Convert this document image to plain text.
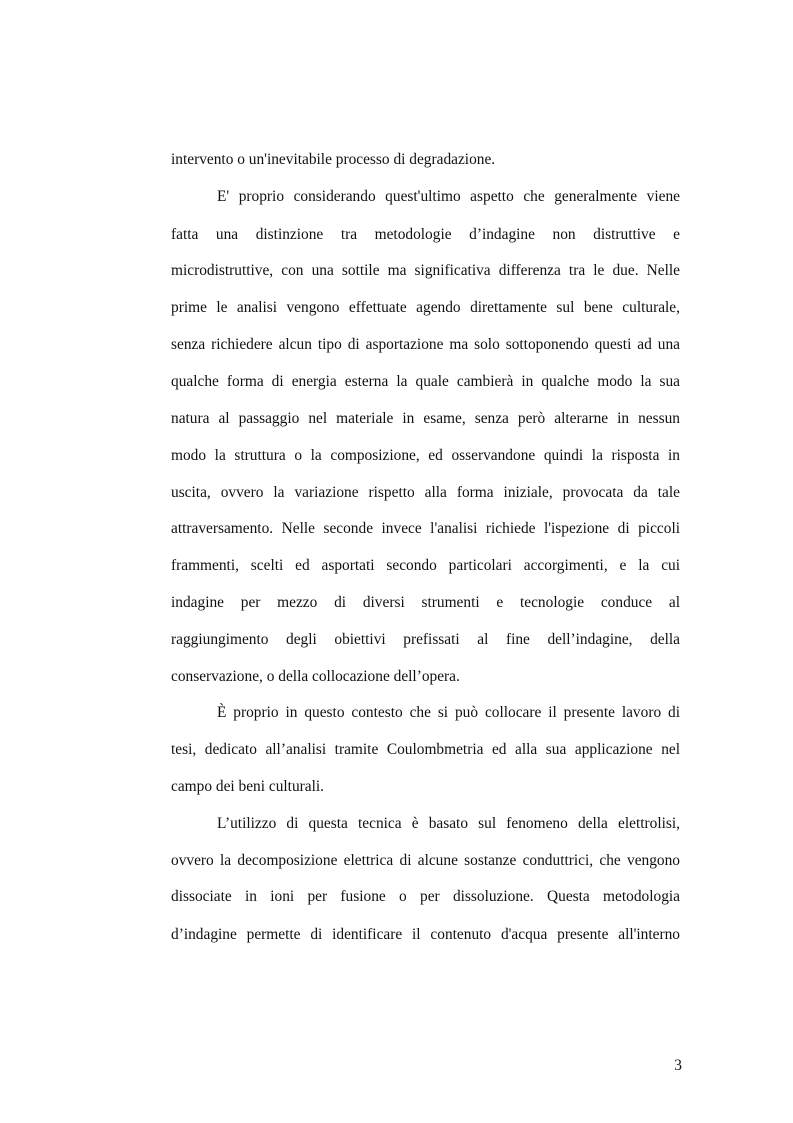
intervento o un'inevitabile processo di degradazione.
E' proprio considerando quest'ultimo aspetto che generalmente viene
fatta una distinzione tra metodologie d’indagine non distruttive e
microdistruttive, con una sottile ma significativa differenza tra le due. Nelle
prime le analisi vengono effettuate agendo direttamente sul bene culturale,
senza richiedere alcun tipo di asportazione ma solo sottoponendo questi ad una
qualche forma di energia esterna la quale cambierà in qualche modo la sua
natura al passaggio nel materiale in esame, senza però alterarne in nessun
modo la struttura o la composizione, ed osservandone quindi la risposta in
uscita, ovvero la variazione rispetto alla forma iniziale, provocata da tale
attraversamento. Nelle seconde invece l'analisi richiede l'ispezione di piccoli
frammenti, scelti ed asportati secondo particolari accorgimenti, e la cui
indagine per mezzo di diversi strumenti e tecnologie conduce al
raggiungimento degli obiettivi prefissati al fine dell’indagine, della
conservazione, o della collocazione dell’opera.
È proprio in questo contesto che si può collocare il presente lavoro di
tesi, dedicato all’analisi tramite Coulombmetria ed alla sua applicazione nel
campo dei beni culturali.
L’utilizzo di questa tecnica è basato sul fenomeno della elettrolisi,
ovvero la decomposizione elettrica di alcune sostanze conduttrici, che vengono
dissociate in ioni per fusione o per dissoluzione. Questa metodologia
d’indagine permette di identificare il contenuto d'acqua presente all'interno
3
